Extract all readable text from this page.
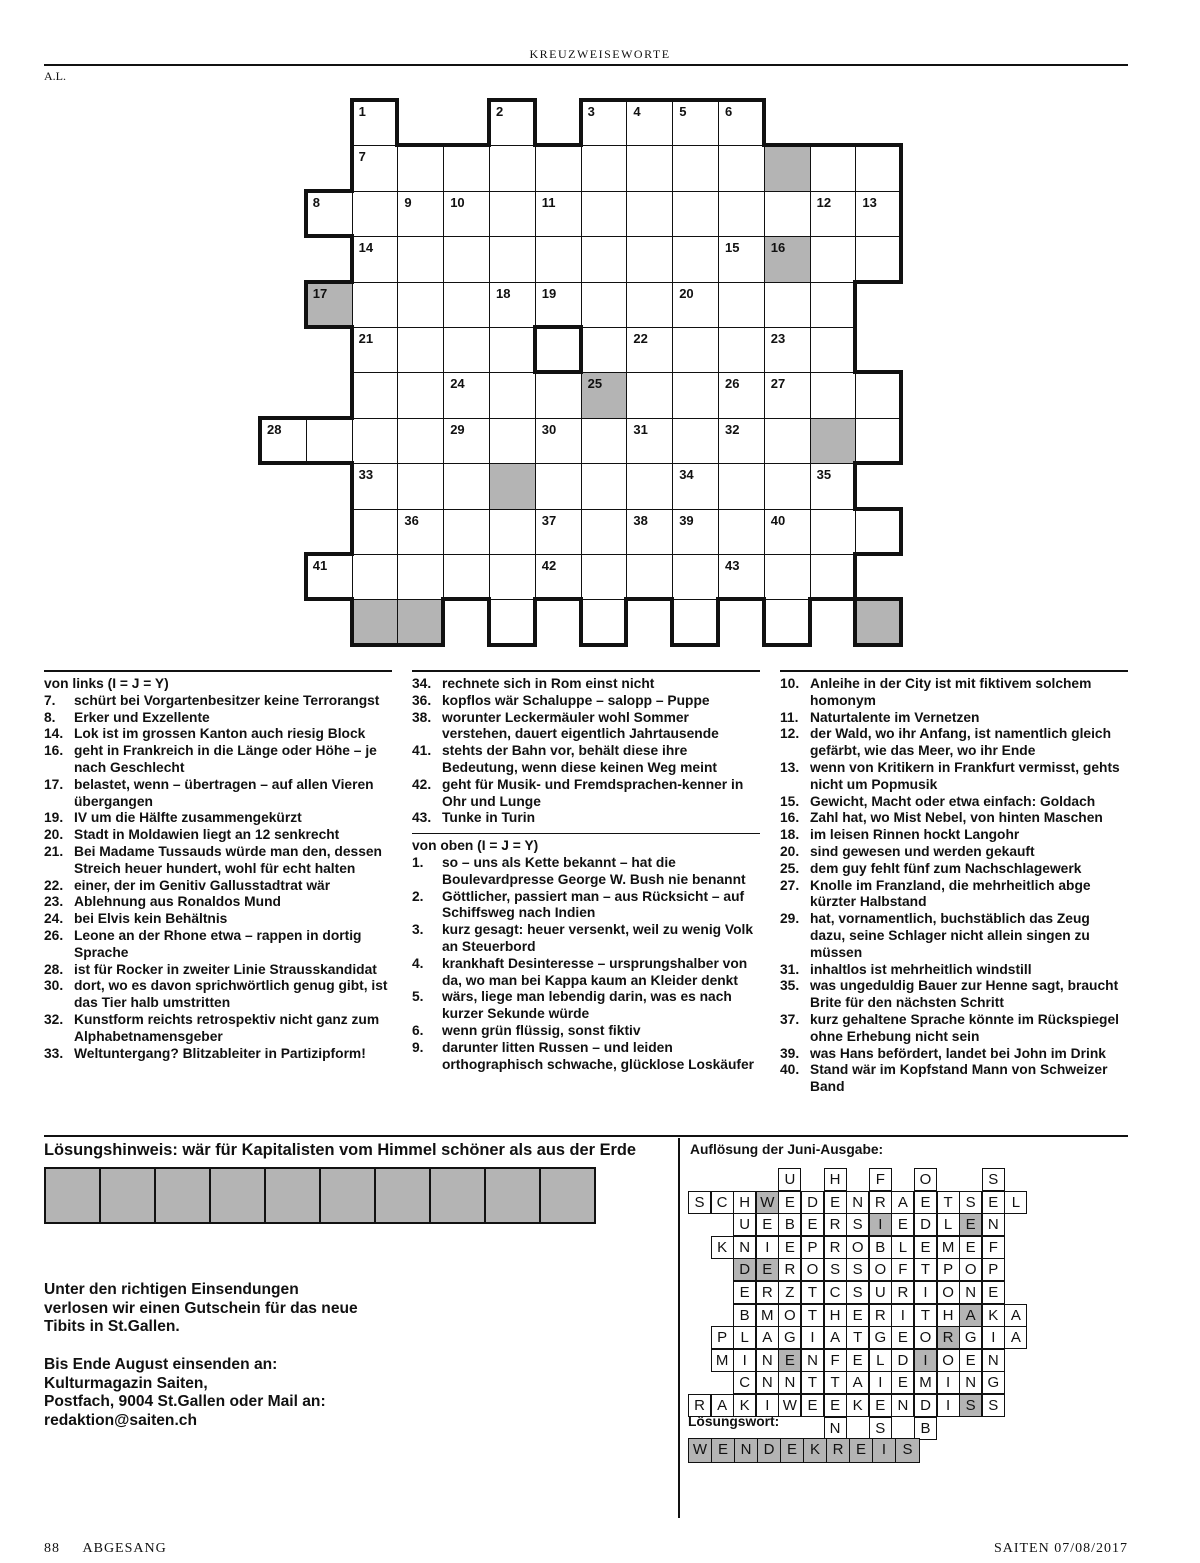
KREUZWEISEWORTE
A.L.
1	2	3	4	5	6
7
8	9	10	11	12 13
14	15 16
17	18 19	20
21	22	23
24	25	26 27
28	29	30	31	32
33	34	35
36	37	38 39	40
41	42	43
von links (I = J = Y)
7.	schürt bei Vorgartenbesitzer keine Terrorangst
8.	Erker und Exzellente
14. Lok ist im grossen Kanton auch riesig Block
16. geht in Frankreich in die Länge oder Höhe – je nach Geschlecht
17. belastet, wenn – übertragen – auf allen Vieren übergangen
19. IV um die Hälfte zusammengekürzt
20. Stadt in Moldawien liegt an 12 senkrecht
21. Bei Madame Tussauds würde man den, dessen Streich heuer hundert, wohl für echt halten
22. einer, der im Genitiv Gallusstadtrat wär
23. Ablehnung aus Ronaldos Mund
24. bei Elvis kein Behältnis
26. Leone an der Rhone etwa – rappen in dortig Sprache
28. ist für Rocker in zweiter Linie Strausskandidat
30. dort, wo es davon sprichwörtlich genug gibt, ist das Tier halb umstritten
32. Kunstform reichts retrospektiv nicht ganz zum Alphabetnamensgeber
33. Weltuntergang? Blitzableiter in Partizipform!
34. rechnete sich in Rom einst nicht
36. kopflos wär Schaluppe – salopp – Puppe
38. worunter Leckermäuler wohl Sommer verstehen, dauert eigentlich Jahrtausende
41. stehts der Bahn vor, behält diese ihre Bedeutung, wenn diese keinen Weg meint
42. geht für Musik- und Fremdsprachen-kenner in Ohr und Lunge
43. Tunke in Turin
von oben (I = J = Y)
1.	so – uns als Kette bekannt – hat die Boulevardpresse George W. Bush nie benannt
2.	Göttlicher, passiert man – aus Rücksicht – auf Schiffsweg nach Indien
3.	kurz gesagt: heuer versenkt, weil zu wenig Volk an Steuerbord
4.	krankhaft Desinteresse – ursprungshalber von da, wo man bei Kappa kaum an Kleider denkt
5.	wärs, liege man lebendig darin, was es nach kurzer Sekunde würde
6.	wenn grün flüssig, sonst fiktiv
9.	darunter litten Russen – und leiden orthographisch schwache, glücklose Loskäufer
10. Anleihe in der City ist mit fiktivem solchem homonym
11. Naturtalente im Vernetzen
12. der Wald, wo ihr Anfang, ist namentlich gleich gefärbt, wie das Meer, wo ihr Ende
13. wenn von Kritikern in Frankfurt vermisst, gehts nicht um Popmusik
15. Gewicht, Macht oder etwa einfach: Goldach
16. Zahl hat, wo Mist Nebel, von hinten Maschen
18. im leisen Rinnen hockt Langohr
20. sind gewesen und werden gekauft
25. dem guy fehlt fünf zum Nachschlagewerk
27. Knolle im Franzland, die mehrheitlich abge kürzter Halbstand
29. hat, vornamentlich, buchstäblich das Zeug dazu, seine Schlager nicht allein singen zu müssen
31. inhaltlos ist mehrheitlich windstill
35. was ungeduldig Bauer zur Henne sagt, braucht Brite für den nächsten Schritt
37. kurz gehaltene Sprache könnte im Rückspiegel ohne Erhebung nicht sein
39. was Hans befördert, landet bei John im Drink
40. Stand wär im Kopfstand Mann von Schweizer Band
Lösungshinweis: wär für Kapitalisten vom Himmel schöner als aus der Erde
Unter den richtigen Einsendungen
verlosen wir einen Gutschein für das neue
Tibits in St.Gallen.
Bis Ende August einsenden an:
Kulturmagazin Saiten,
Postfach, 9004 St.Gallen oder Mail an:
redaktion@saiten.ch
Auflösung der Juni-Ausgabe:
U	H	F	O	S
S C H W E D E N R A E T S E L
U E B E R S	I	E D L E N
K N	I	E P R O B L E M E F
D E R O S S O F T P O P
E R Z T C S U R	I O N E
B M O T H E R	I	T H A K A
P L A G I	A T G E O R G I	A
M I	N E N F E L D	I O E N
C N N T T A	I	E M I	N G
R A K	I W E E K E N D	I	S S
N	S	B
Lösungswort:
W E N D E K R E	I	S
88 ABGESANG	SAITEN 07/08/2017
